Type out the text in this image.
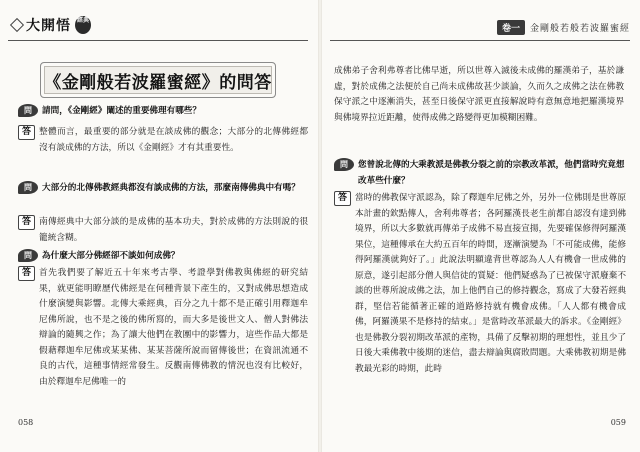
大開悟 經典
卷一	金剛般若般若波羅蜜經
《金剛般若波羅蜜經》的問答
問	請問，《金剛經》闡述的重要佛理有哪些？
答 整體而言，最重要的部分就是在談成佛的觀念；大部分的北傳佛經都沒有談成佛的方法，所以《金剛經》才有其重要性。
問	大部分的北傳佛教經典都沒有談成佛的方法，那麼南傳佛典中有嗎？
答 南傳經典中大部分談的是成佛的基本功夫，對於成佛的方法則說的很籠統含糊。
問	為什麼大部分佛經卻不談如何成佛？
答 首先我們要了解近五十年來考古學、考證學對佛教與佛經的研究結果，就更能明瞭歷代佛經是在何種背景下產生的，又對成佛思想造成什麼演變與影響。北傳大乘經典，百分之九十都不是正確引用釋迦牟尼佛所說，也不是之後的佛所寫的，而大多是後世文人、僧人對佛法辯論的隨興之作；為了讓大他們在教團中的影響力，這些作品大都是假藉釋迦牟尼佛或某某佛、某某菩薩所說而留傳後世；在資訊流通不良的古代，這種事情經常發生。反觀南傳佛教的情況也沒有比較好，由於釋迦牟尼佛唯一的
058
成佛弟子舍利弗尊者比佛早逝，所以世尊入滅後未成佛的羅漢弟子，基於謙虛，對於成佛之法便於自己尚未成佛故甚少談論，久而久之成佛之法在佛教保守派之中逐漸消失，甚至日後保守派更直接解說時有意無意地把羅漢境界與佛境界拉近距離，使得成佛之路變得更加模糊困難。
問	您曾說北傳的大乘教派是佛教分裂之前的宗教改革派，他們當時究竟想改革些什麼？
答 當時的佛教保守派認為，除了釋迦牟尼佛之外，另外一位佛則是世尊原本計畫的欽點傳人，舍利弗尊者；各阿羅漢長老生前都自認沒有達到佛境界，所以大多數就再傳弟子成佛不易直接宣揚，先要確保修得阿羅漢果位，這種傳承在大約五百年的時間，逐漸演變為「不可能成佛，能修得阿羅漢就夠好了。」此說法明顯違背世尊認為人人有機會一世成佛的原意，遂引起部分僧人與信徒的質疑：他們疑惑為了已被保守派廢棄不談的世尊所說成佛之法，加上他們自己的修持觀念，寫成了大發若經典群，堅信若能循著正確的道路修持就有機會成佛。「人人都有機會成佛，阿羅漢果不是修持的結束。」是當時改革派最大的訴求。《金剛經》也是佛教分裂初期改革派的產物，具備了反擊初期的理想性，並且少了日後大乘佛教中後期的迷信，盡去辯論與腐敗問題。大乘佛教初期是佛教最光彩的時期，此時
059
